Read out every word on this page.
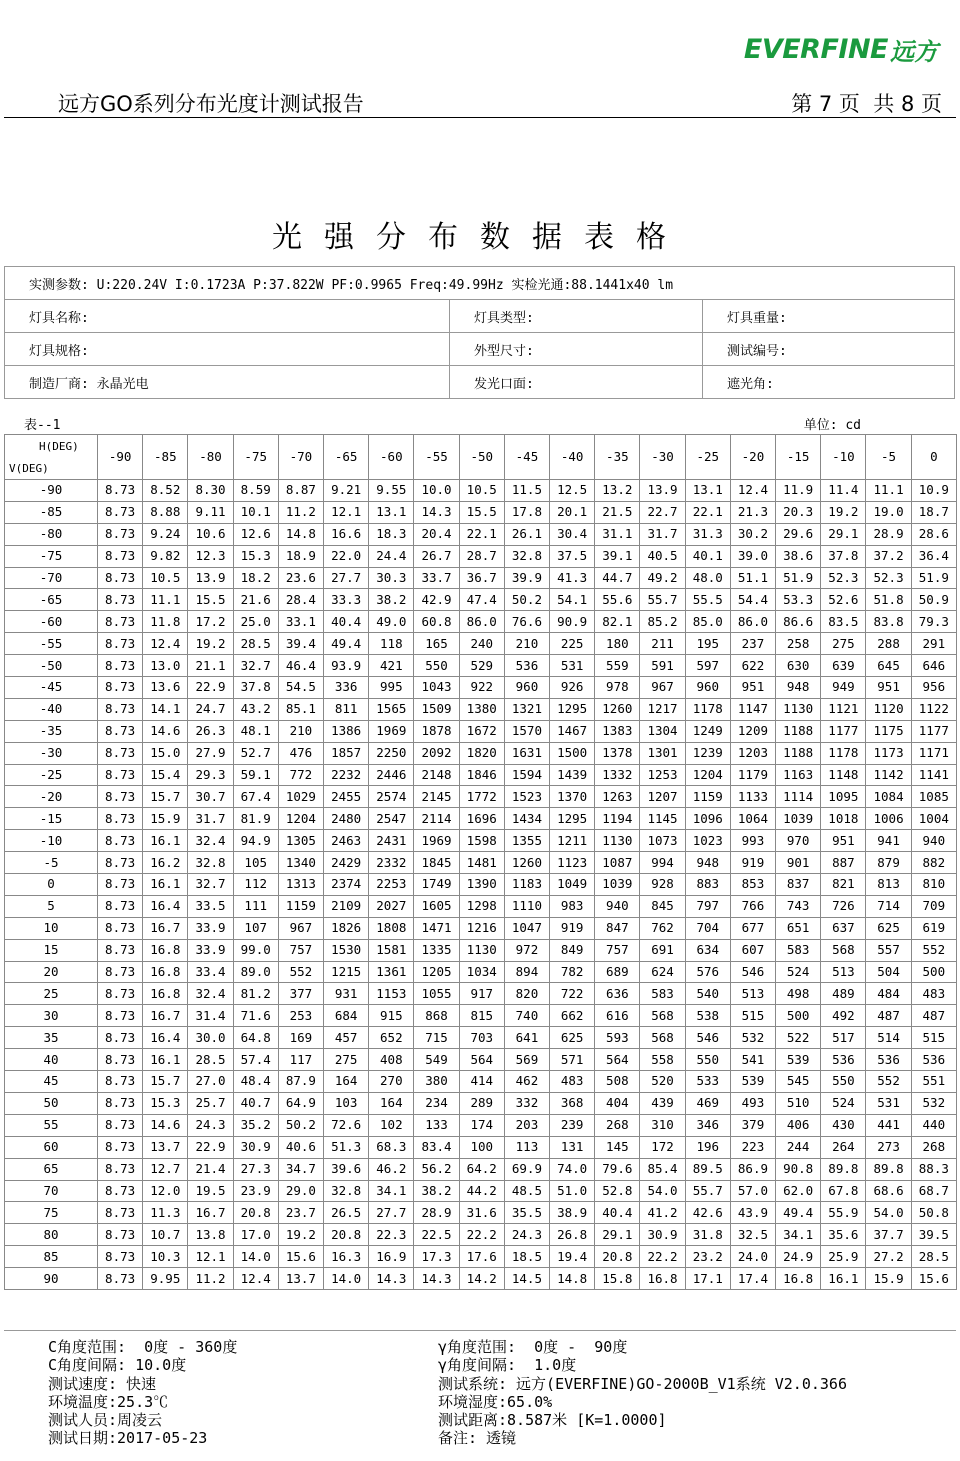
EVERFINE 远方
远方GO系列分布光度计测试报告	第 7 页  共 8 页
光强分布数据表格
实测参数: U:220.24V I:0.1723A P:37.822W PF:0.9965 Freq:49.99Hz 实检光通:88.1441x40 lm		
灯具名称:	灯具类型:	灯具重量:
灯具规格:	外型尺寸:	测试编号:
制造厂商: 永晶光电	发光口面:	遮光角:
表--1	单位: cd
H(DEG)
V(DEG)	-90	-85	-80	-75	-70	-65	-60	-55	-50	-45	-40	-35	-30	-25	-20	-15	-10	-5	0
-90	8.73	8.52	8.30	8.59	8.87	9.21	9.55	10.0	10.5	11.5	12.5	13.2	13.9	13.1	12.4	11.9	11.4	11.1	10.9
-85	8.73	8.88	9.11	10.1	11.2	12.1	13.1	14.3	15.5	17.8	20.1	21.5	22.7	22.1	21.3	20.3	19.2	19.0	18.7
-80	8.73	9.24	10.6	12.6	14.8	16.6	18.3	20.4	22.1	26.1	30.4	31.1	31.7	31.3	30.2	29.6	29.1	28.9	28.6
-75	8.73	9.82	12.3	15.3	18.9	22.0	24.4	26.7	28.7	32.8	37.5	39.1	40.5	40.1	39.0	38.6	37.8	37.2	36.4
-70	8.73	10.5	13.9	18.2	23.6	27.7	30.3	33.7	36.7	39.9	41.3	44.7	49.2	48.0	51.1	51.9	52.3	52.3	51.9
-65	8.73	11.1	15.5	21.6	28.4	33.3	38.2	42.9	47.4	50.2	54.1	55.6	55.7	55.5	54.4	53.3	52.6	51.8	50.9
-60	8.73	11.8	17.2	25.0	33.1	40.4	49.0	60.8	86.0	76.6	90.9	82.1	85.2	85.0	86.0	86.6	83.5	83.8	79.3
-55	8.73	12.4	19.2	28.5	39.4	49.4	118	165	240	210	225	180	211	195	237	258	275	288	291
-50	8.73	13.0	21.1	32.7	46.4	93.9	421	550	529	536	531	559	591	597	622	630	639	645	646
-45	8.73	13.6	22.9	37.8	54.5	336	995	1043	922	960	926	978	967	960	951	948	949	951	956
-40	8.73	14.1	24.7	43.2	85.1	811	1565	1509	1380	1321	1295	1260	1217	1178	1147	1130	1121	1120	1122
-35	8.73	14.6	26.3	48.1	210	1386	1969	1878	1672	1570	1467	1383	1304	1249	1209	1188	1177	1175	1177
-30	8.73	15.0	27.9	52.7	476	1857	2250	2092	1820	1631	1500	1378	1301	1239	1203	1188	1178	1173	1171
-25	8.73	15.4	29.3	59.1	772	2232	2446	2148	1846	1594	1439	1332	1253	1204	1179	1163	1148	1142	1141
-20	8.73	15.7	30.7	67.4	1029	2455	2574	2145	1772	1523	1370	1263	1207	1159	1133	1114	1095	1084	1085
-15	8.73	15.9	31.7	81.9	1204	2480	2547	2114	1696	1434	1295	1194	1145	1096	1064	1039	1018	1006	1004
-10	8.73	16.1	32.4	94.9	1305	2463	2431	1969	1598	1355	1211	1130	1073	1023	993	970	951	941	940
-5	8.73	16.2	32.8	105	1340	2429	2332	1845	1481	1260	1123	1087	994	948	919	901	887	879	882
0	8.73	16.1	32.7	112	1313	2374	2253	1749	1390	1183	1049	1039	928	883	853	837	821	813	810
5	8.73	16.4	33.5	111	1159	2109	2027	1605	1298	1110	983	940	845	797	766	743	726	714	709
10	8.73	16.7	33.9	107	967	1826	1808	1471	1216	1047	919	847	762	704	677	651	637	625	619
15	8.73	16.8	33.9	99.0	757	1530	1581	1335	1130	972	849	757	691	634	607	583	568	557	552
20	8.73	16.8	33.4	89.0	552	1215	1361	1205	1034	894	782	689	624	576	546	524	513	504	500
25	8.73	16.8	32.4	81.2	377	931	1153	1055	917	820	722	636	583	540	513	498	489	484	483
30	8.73	16.7	31.4	71.6	253	684	915	868	815	740	662	616	568	538	515	500	492	487	487
35	8.73	16.4	30.0	64.8	169	457	652	715	703	641	625	593	568	546	532	522	517	514	515
40	8.73	16.1	28.5	57.4	117	275	408	549	564	569	571	564	558	550	541	539	536	536	536
45	8.73	15.7	27.0	48.4	87.9	164	270	380	414	462	483	508	520	533	539	545	550	552	551
50	8.73	15.3	25.7	40.7	64.9	103	164	234	289	332	368	404	439	469	493	510	524	531	532
55	8.73	14.6	24.3	35.2	50.2	72.6	102	133	174	203	239	268	310	346	379	406	430	441	440
60	8.73	13.7	22.9	30.9	40.6	51.3	68.3	83.4	100	113	131	145	172	196	223	244	264	273	268
65	8.73	12.7	21.4	27.3	34.7	39.6	46.2	56.2	64.2	69.9	74.0	79.6	85.4	89.5	86.9	90.8	89.8	89.8	88.3
70	8.73	12.0	19.5	23.9	29.0	32.8	34.1	38.2	44.2	48.5	51.0	52.8	54.0	55.7	57.0	62.0	67.8	68.6	68.7
75	8.73	11.3	16.7	20.8	23.7	26.5	27.7	28.9	31.6	35.5	38.9	40.4	41.2	42.6	43.9	49.4	55.9	54.0	50.8
80	8.73	10.7	13.8	17.0	19.2	20.8	22.3	22.5	22.2	24.3	26.8	29.1	30.9	31.8	32.5	34.1	35.6	37.7	39.5
85	8.73	10.3	12.1	14.0	15.6	16.3	16.9	17.3	17.6	18.5	19.4	20.8	22.2	23.2	24.0	24.9	25.9	27.2	28.5
90	8.73	9.95	11.2	12.4	13.7	14.0	14.3	14.3	14.2	14.5	14.8	15.8	16.8	17.1	17.4	16.8	16.1	15.9	15.6
C角度范围:  0度 - 360度
C角度间隔: 10.0度
测试速度: 快速
环境温度:25.3℃
测试人员:周凌云
测试日期:2017-05-23
γ角度范围:  0度 -  90度
γ角度间隔:  1.0度
测试系统: 远方(EVERFINE)GO-2000B_V1系统 V2.0.366
环境湿度:65.0%
测试距离:8.587米 [K=1.0000]
备注: 透镜
